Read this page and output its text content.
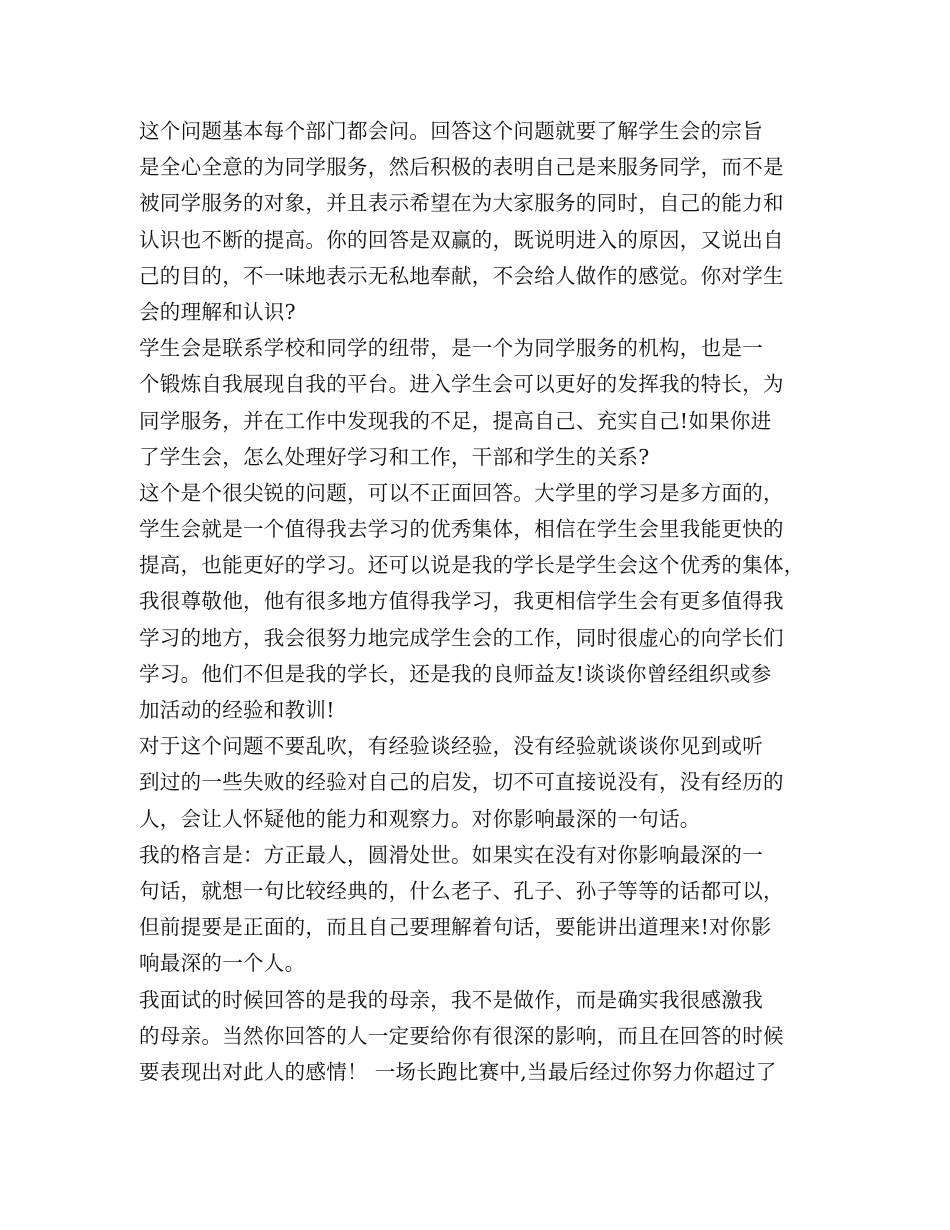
这个问题基本每个部门都会问。回答这个问题就要了解学生会的宗旨
是全心全意的为同学服务，然后积极的表明自己是来服务同学，而不是
被同学服务的对象，并且表示希望在为大家服务的同时，自己的能力和
认识也不断的提高。你的回答是双赢的，既说明进入的原因，又说出自
己的目的，不一味地表示无私地奉献，不会给人做作的感觉。你对学生
会的理解和认识?
学生会是联系学校和同学的纽带，是一个为同学服务的机构，也是一
个锻炼自我展现自我的平台。进入学生会可以更好的发挥我的特长，为
同学服务，并在工作中发现我的不足，提高自己、充实自己!如果你进
了学生会，怎么处理好学习和工作，干部和学生的关系?
这个是个很尖锐的问题，可以不正面回答。大学里的学习是多方面的，
学生会就是一个值得我去学习的优秀集体，相信在学生会里我能更快的
提高，也能更好的学习。还可以说是我的学长是学生会这个优秀的集体，
我很尊敬他，他有很多地方值得我学习，我更相信学生会有更多值得我
学习的地方，我会很努力地完成学生会的工作，同时很虚心的向学长们
学习。他们不但是我的学长，还是我的良师益友!谈谈你曾经组织或参
加活动的经验和教训!
对于这个问题不要乱吹，有经验谈经验，没有经验就谈谈你见到或听
到过的一些失败的经验对自己的启发，切不可直接说没有，没有经历的
人，会让人怀疑他的能力和观察力。对你影响最深的一句话。
我的格言是：方正最人，圆滑处世。如果实在没有对你影响最深的一
句话，就想一句比较经典的，什么老子、孔子、孙子等等的话都可以，
但前提要是正面的，而且自己要理解着句话，要能讲出道理来!对你影
响最深的一个人。
我面试的时候回答的是我的母亲，我不是做作，而是确实我很感激我
的母亲。当然你回答的人一定要给你有很深的影响，而且在回答的时候
要表现出对此人的感情！ 一场长跑比赛中,当最后经过你努力你超过了
